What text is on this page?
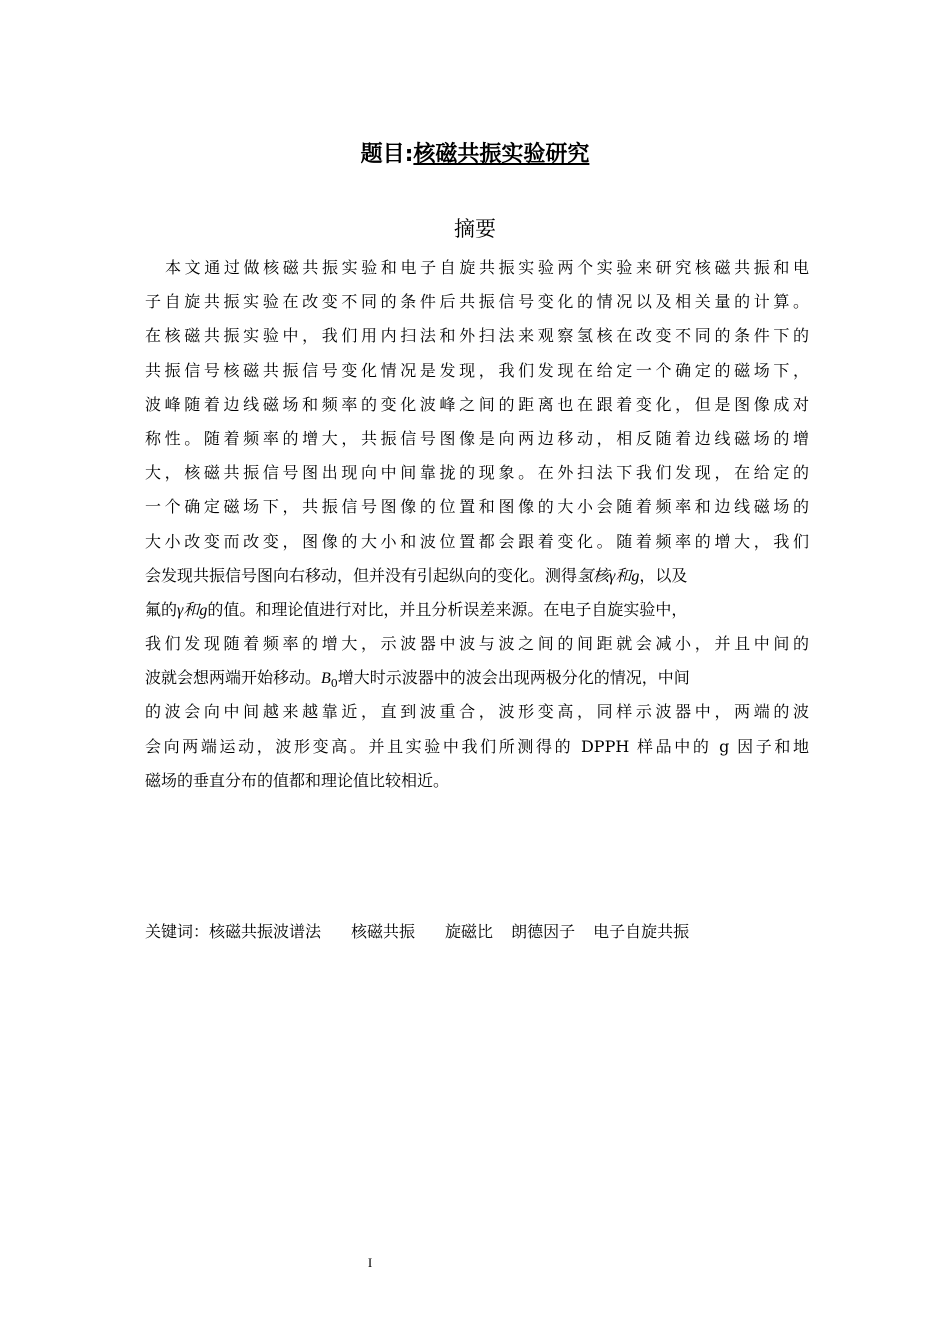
题目:核磁共振实验研究
摘要
本文通过做核磁共振实验和电子自旋共振实验两个实验来研究核磁共振和电
子自旋共振实验在改变不同的条件后共振信号变化的情况以及相关量的计算。
在核磁共振实验中，我们用内扫法和外扫法来观察氢核在改变不同的条件下的
共振信号核磁共振信号变化情况是发现，我们发现在给定一个确定的磁场下，
波峰随着边线磁场和频率的变化波峰之间的距离也在跟着变化，但是图像成对
称性。随着频率的增大，共振信号图像是向两边移动，相反随着边线磁场的增
大，核磁共振信号图出现向中间靠拢的现象。在外扫法下我们发现，在给定的
一个确定磁场下，共振信号图像的位置和图像的大小会随着频率和边线磁场的
大小改变而改变，图像的大小和波位置都会跟着变化。随着频率的增大，我们
会发现共振信号图向右移动，但并没有引起纵向的变化。测得氢核γ和g，以及
氟的γ和g的值。和理论值进行对比，并且分析误差来源。在电子自旋实验中，
我们发现随着频率的增大，示波器中波与波之间的间距就会减小，并且中间的
波就会想两端开始移动。$B_0$增大时示波器中的波会出现两极分化的情况，中间
的波会向中间越来越靠近，直到波重合，波形变高，同样示波器中，两端的波
会向两端运动，波形变高。并且实验中我们所测得的 DPPH 样品中的 g 因子和地
磁场的垂直分布的值都和理论值比较相近。
关键词：核磁共振波谱法 核磁共振 旋磁比 朗德因子 电子自旋共振
I
